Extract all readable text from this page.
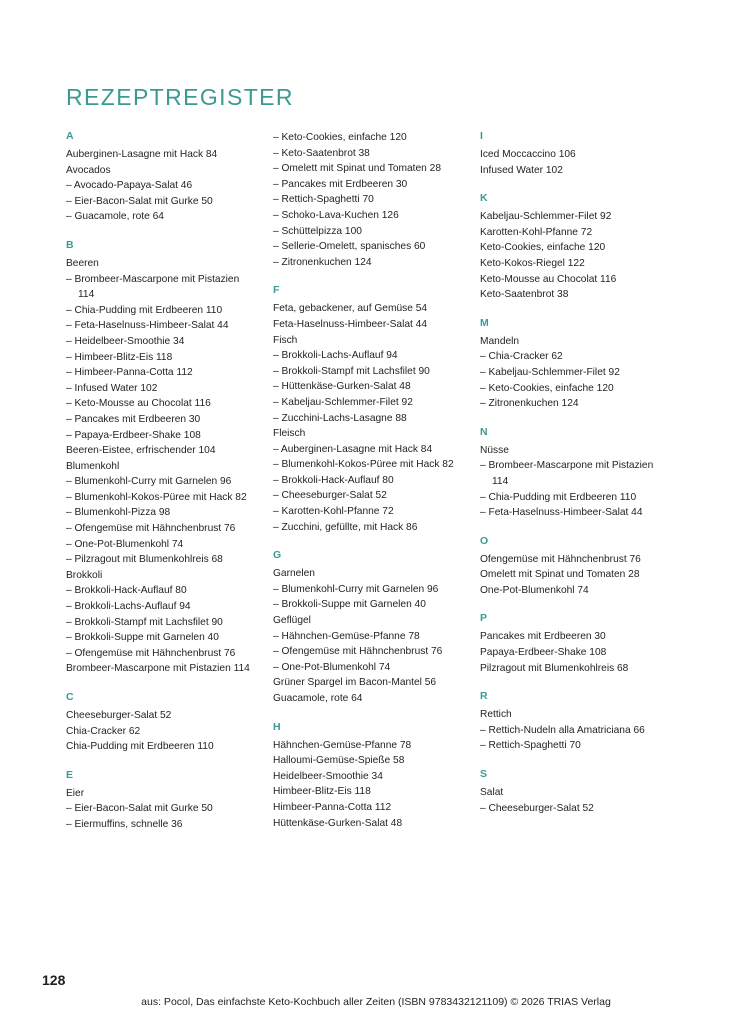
REZEPTREGISTER
A
Auberginen-Lasagne mit Hack 84
Avocados
– Avocado-Papaya-Salat 46
– Eier-Bacon-Salat mit Gurke 50
– Guacamole, rote 64
B
Beeren
– Brombeer-Mascarpone mit Pistazien
114
– Chia-Pudding mit Erdbeeren 110
– Feta-Haselnuss-Himbeer-Salat 44
– Heidelbeer-Smoothie 34
– Himbeer-Blitz-Eis 118
– Himbeer-Panna-Cotta 112
– Infused Water 102
– Keto-Mousse au Chocolat 116
– Pancakes mit Erdbeeren 30
– Papaya-Erdbeer-Shake 108
Beeren-Eistee, erfrischender 104
Blumenkohl
– Blumenkohl-Curry mit Garnelen 96
– Blumenkohl-Kokos-Püree mit Hack 82
– Blumenkohl-Pizza 98
– Ofengemüse mit Hähnchenbrust 76
– One-Pot-Blumenkohl 74
– Pilzragout mit Blumenkohlreis 68
Brokkoli
– Brokkoli-Hack-Auflauf 80
– Brokkoli-Lachs-Auflauf 94
– Brokkoli-Stampf mit Lachsfilet 90
– Brokkoli-Suppe mit Garnelen 40
– Ofengemüse mit Hähnchenbrust 76
Brombeer-Mascarpone mit Pistazien 114
C
Cheeseburger-Salat 52
Chia-Cracker 62
Chia-Pudding mit Erdbeeren 110
E
Eier
– Eier-Bacon-Salat mit Gurke 50
– Eiermuffins, schnelle 36
– Keto-Cookies, einfache 120
– Keto-Saatenbrot 38
– Omelett mit Spinat und Tomaten 28
– Pancakes mit Erdbeeren 30
– Rettich-Spaghetti 70
– Schoko-Lava-Kuchen 126
– Schüttelpizza 100
– Sellerie-Omelett, spanisches 60
– Zitronenkuchen 124
F
Feta, gebackener, auf Gemüse 54
Feta-Haselnuss-Himbeer-Salat 44
Fisch
– Brokkoli-Lachs-Auflauf 94
– Brokkoli-Stampf mit Lachsfilet 90
– Hüttenkäse-Gurken-Salat 48
– Kabeljau-Schlemmer-Filet 92
– Zucchini-Lachs-Lasagne 88
Fleisch
– Auberginen-Lasagne mit Hack 84
– Blumenkohl-Kokos-Püree mit Hack 82
– Brokkoli-Hack-Auflauf 80
– Cheeseburger-Salat 52
– Karotten-Kohl-Pfanne 72
– Zucchini, gefüllte, mit Hack 86
G
Garnelen
– Blumenkohl-Curry mit Garnelen 96
– Brokkoli-Suppe mit Garnelen 40
Geflügel
– Hähnchen-Gemüse-Pfanne 78
– Ofengemüse mit Hähnchenbrust 76
– One-Pot-Blumenkohl 74
Grüner Spargel im Bacon-Mantel 56
Guacamole, rote 64
H
Hähnchen-Gemüse-Pfanne 78
Halloumi-Gemüse-Spieße 58
Heidelbeer-Smoothie 34
Himbeer-Blitz-Eis 118
Himbeer-Panna-Cotta 112
Hüttenkäse-Gurken-Salat 48
I
Iced Moccaccino 106
Infused Water 102
K
Kabeljau-Schlemmer-Filet 92
Karotten-Kohl-Pfanne 72
Keto-Cookies, einfache 120
Keto-Kokos-Riegel 122
Keto-Mousse au Chocolat 116
Keto-Saatenbrot 38
M
Mandeln
– Chia-Cracker 62
– Kabeljau-Schlemmer-Filet 92
– Keto-Cookies, einfache 120
– Zitronenkuchen 124
N
Nüsse
– Brombeer-Mascarpone mit Pistazien
114
– Chia-Pudding mit Erdbeeren 110
– Feta-Haselnuss-Himbeer-Salat 44
O
Ofengemüse mit Hähnchenbrust 76
Omelett mit Spinat und Tomaten 28
One-Pot-Blumenkohl 74
P
Pancakes mit Erdbeeren 30
Papaya-Erdbeer-Shake 108
Pilzragout mit Blumenkohlreis 68
R
Rettich
– Rettich-Nudeln alla Amatriciana 66
– Rettich-Spaghetti 70
S
Salat
– Cheeseburger-Salat 52
128
aus: Pocol, Das einfachste Keto-Kochbuch aller Zeiten (ISBN 9783432121109) © 2026 TRIAS Verlag
